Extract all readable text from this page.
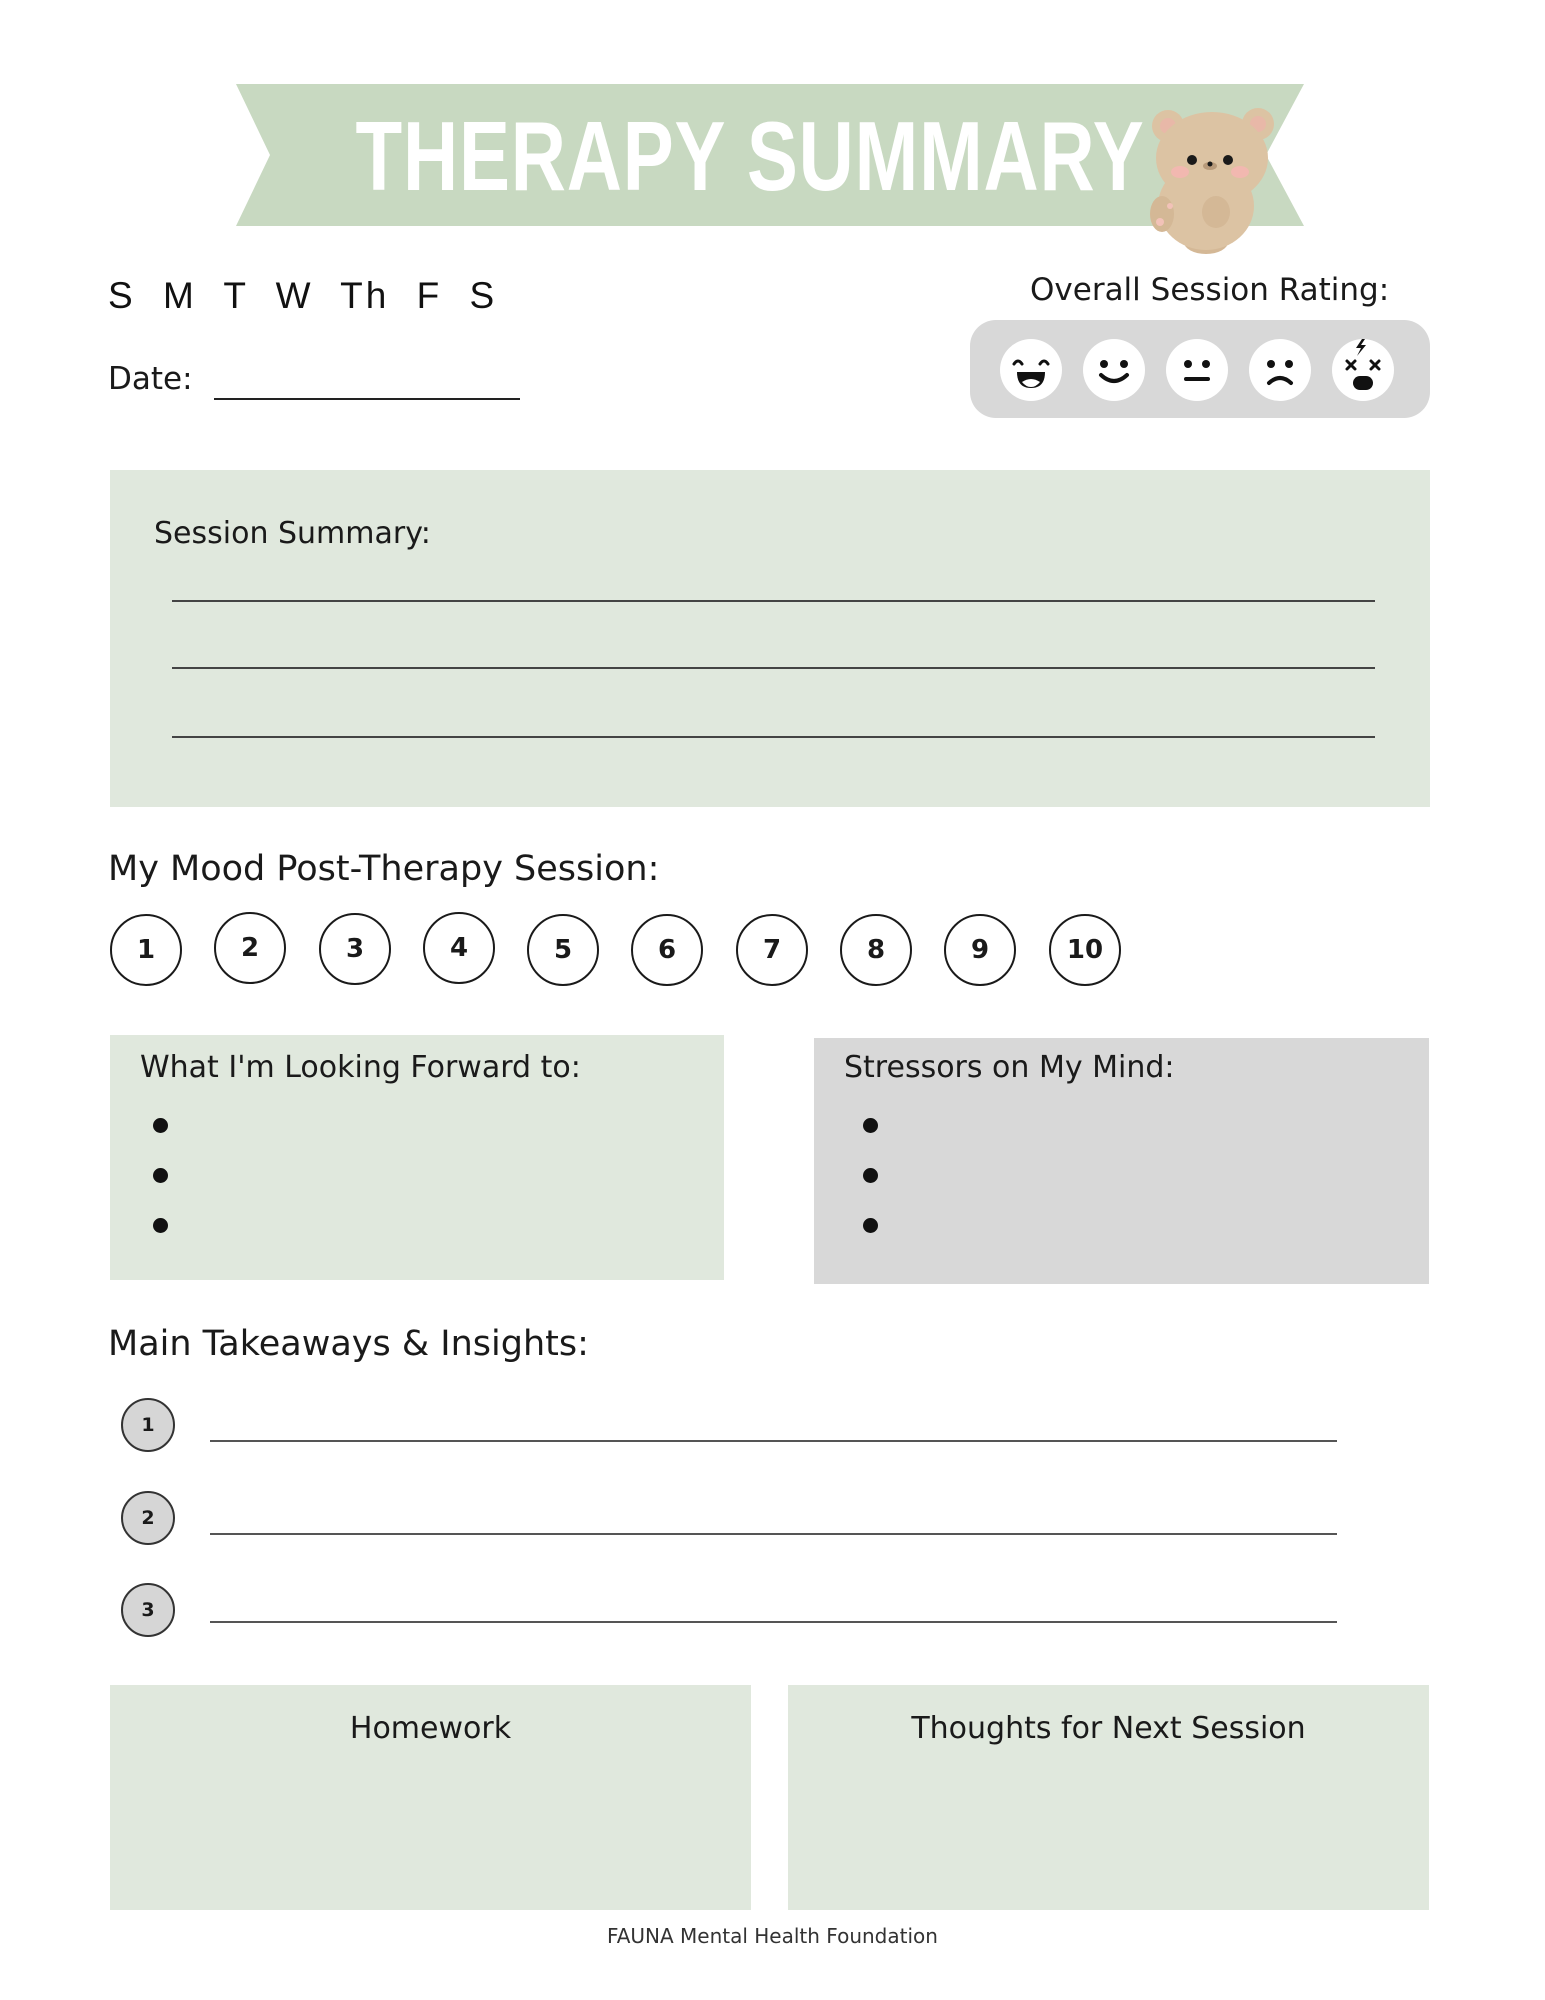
THERAPY SUMMARY
S M T W Th F S
Date:
Overall Session Rating:
Session Summary:
My Mood Post-Therapy Session:
1	2	3	4	5	6	7	8	9	10
What I'm Looking Forward to:	Stressors on My Mind:
Main Takeaways & Insights:
1
2
3
Homework	Thoughts for Next Session
FAUNA Mental Health Foundation
